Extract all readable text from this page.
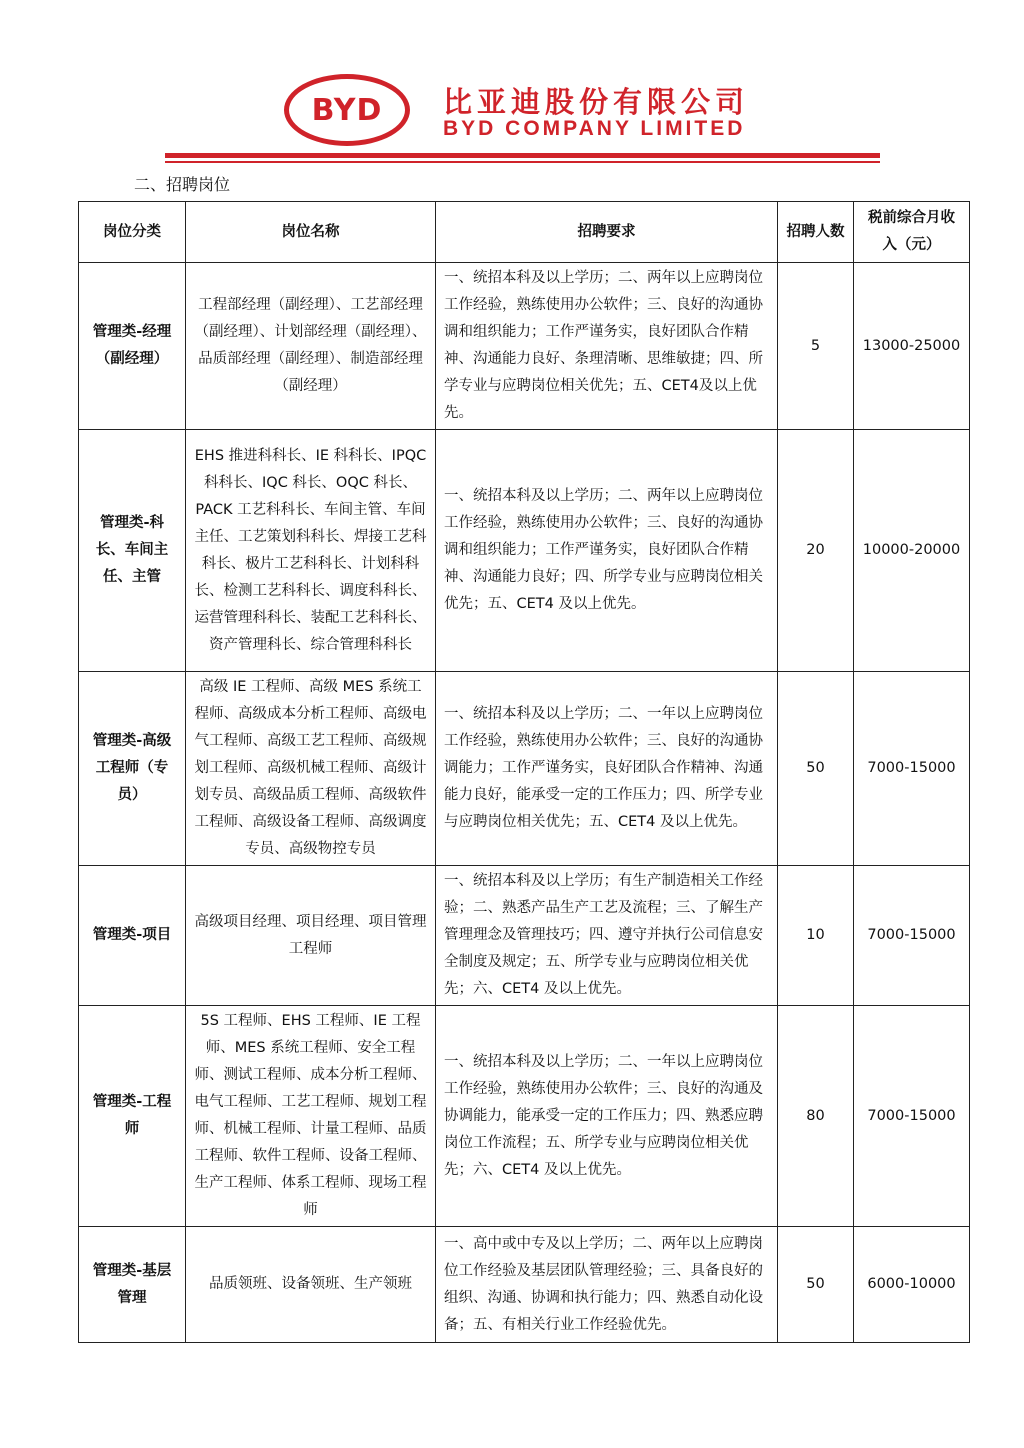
BYD 比亚迪股份有限公司
BYD COMPANY LIMITED
二、招聘岗位
岗位分类	岗位名称	招聘要求	招聘人数	税前综合月收入（元）
管理类-经理（副经理）	工程部经理（副经理）、工艺部经理（副经理）、计划部经理（副经理）、品质部经理（副经理）、制造部经理（副经理）	一、统招本科及以上学历；二、两年以上应聘岗位工作经验，熟练使用办公软件；三、良好的沟通协调和组织能力；工作严谨务实，良好团队合作精神、沟通能力良好、条理清晰、思维敏捷；四、所学专业与应聘岗位相关优先；五、CET4及以上优先。	5	13000-25000
管理类-科长、车间主任、主管	EHS 推进科科长、IE 科科长、IPQC 科科长、IQC 科长、OQC 科长、PACK 工艺科科长、车间主管、车间主任、工艺策划科科长、焊接工艺科科长、极片工艺科科长、计划科科长、检测工艺科科长、调度科科长、运营管理科科长、装配工艺科科长、资产管理科长、综合管理科科长	一、统招本科及以上学历；二、两年以上应聘岗位工作经验，熟练使用办公软件；三、良好的沟通协调和组织能力；工作严谨务实，良好团队合作精神、沟通能力良好；四、所学专业与应聘岗位相关优先；五、CET4 及以上优先。	20	10000-20000
管理类-高级工程师（专员）	高级 IE 工程师、高级 MES 系统工程师、高级成本分析工程师、高级电气工程师、高级工艺工程师、高级规划工程师、高级机械工程师、高级计划专员、高级品质工程师、高级软件工程师、高级设备工程师、高级调度专员、高级物控专员	一、统招本科及以上学历；二、一年以上应聘岗位工作经验，熟练使用办公软件；三、良好的沟通协调能力；工作严谨务实，良好团队合作精神、沟通能力良好，能承受一定的工作压力；四、所学专业与应聘岗位相关优先；五、CET4 及以上优先。	50	7000-15000
管理类-项目	高级项目经理、项目经理、项目管理工程师	一、统招本科及以上学历；有生产制造相关工作经验；二、熟悉产品生产工艺及流程；三、了解生产管理理念及管理技巧；四、遵守并执行公司信息安全制度及规定；五、所学专业与应聘岗位相关优先；六、CET4 及以上优先。	10	7000-15000
管理类-工程师	5S 工程师、EHS 工程师、IE 工程师、MES 系统工程师、安全工程师、测试工程师、成本分析工程师、电气工程师、工艺工程师、规划工程师、机械工程师、计量工程师、品质工程师、软件工程师、设备工程师、生产工程师、体系工程师、现场工程师	一、统招本科及以上学历；二、一年以上应聘岗位工作经验，熟练使用办公软件；三、良好的沟通及协调能力，能承受一定的工作压力；四、熟悉应聘岗位工作流程；五、所学专业与应聘岗位相关优先；六、CET4 及以上优先。	80	7000-15000
管理类-基层管理	品质领班、设备领班、生产领班	一、高中或中专及以上学历；二、两年以上应聘岗位工作经验及基层团队管理经验；三、具备良好的组织、沟通、协调和执行能力；四、熟悉自动化设备；五、有相关行业工作经验优先。	50	6000-10000
